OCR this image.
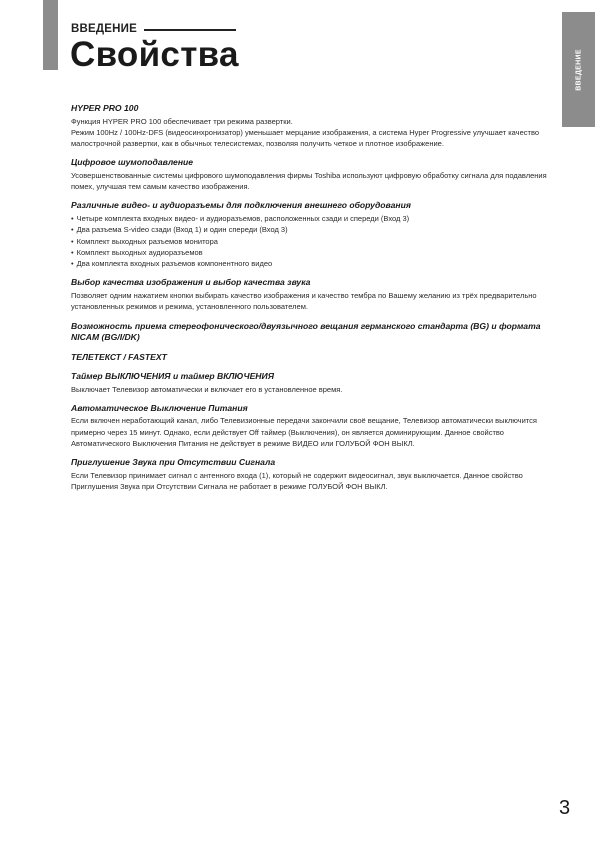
ВВЕДЕНИЕ
Свойства	ВВЕДЕНИЕ
HYPER PRO 100

Функция HYPER PRO 100 обеспечивает три режима развертки.

Режим 100Hz / 100Hz-DFS (видеосинхронизатор) уменьшает мерцание изображения, а система Hyper Progressive улучшает качество малострочной развертки, как в обычных телесистемах, позволяя получить четкое и плотное изображение.

Цифровое шумоподавление

Усовершенствованные системы цифрового шумоподавления фирмы Toshiba используют цифровую обработку сигнала для подавления помех, улучшая тем самым качество изображения.

Различные видео- и аудиоразъемы для подключения внешнего оборудования
• Четыре комплекта входных видео- и аудиоразъемов, расположенных сзади и спереди (Вход 3)
• Два разъема S-video сзади (Вход 1) и один спереди (Вход 3)
• Комплект выходных разъемов монитора
• Комплект выходных аудиоразъемов
• Два комплекта входных разъемов компонентного видео
Выбор качества изображения и выбор качества звука

Позволяет одним нажатием кнопки выбирать качество изображения и качество тембра по Вашему желанию из трёх предварительно установленных режимов и режима, установленного пользователем.

Возможность приема стереофонического/двуязычного вещания германского стандарта (BG) и формата NICAM (BG/I/DK)
ТЕЛЕТЕКСТ / FASTEXT
Таймер ВЫКЛЮЧЕНИЯ и таймер ВКЛЮЧЕНИЯ

Выключает Телевизор автоматически и включает его в установленное время.

Автоматическое Выключение Питания

Если включен неработающий канал, либо Телевизионные передачи закончили своё вещание, Телевизор автоматически выключится примерно через 15 минут. Однако, если действует Off таймер (Выключения), он является доминирующим. Данное свойство Автоматического Выключения Питания не действует в режиме ВИДЕО или ГОЛУБОЙ ФОН ВЫКЛ.

Приглушение Звука при Отсутствии Сигнала

Если Телевизор принимает сигнал с антенного входа (1), который не содержит видеосигнал, звук выключается. Данное свойство Приглушения Звука при Отсутствии Сигнала не работает в режиме ГОЛУБОЙ ФОН ВЫКЛ.

3
